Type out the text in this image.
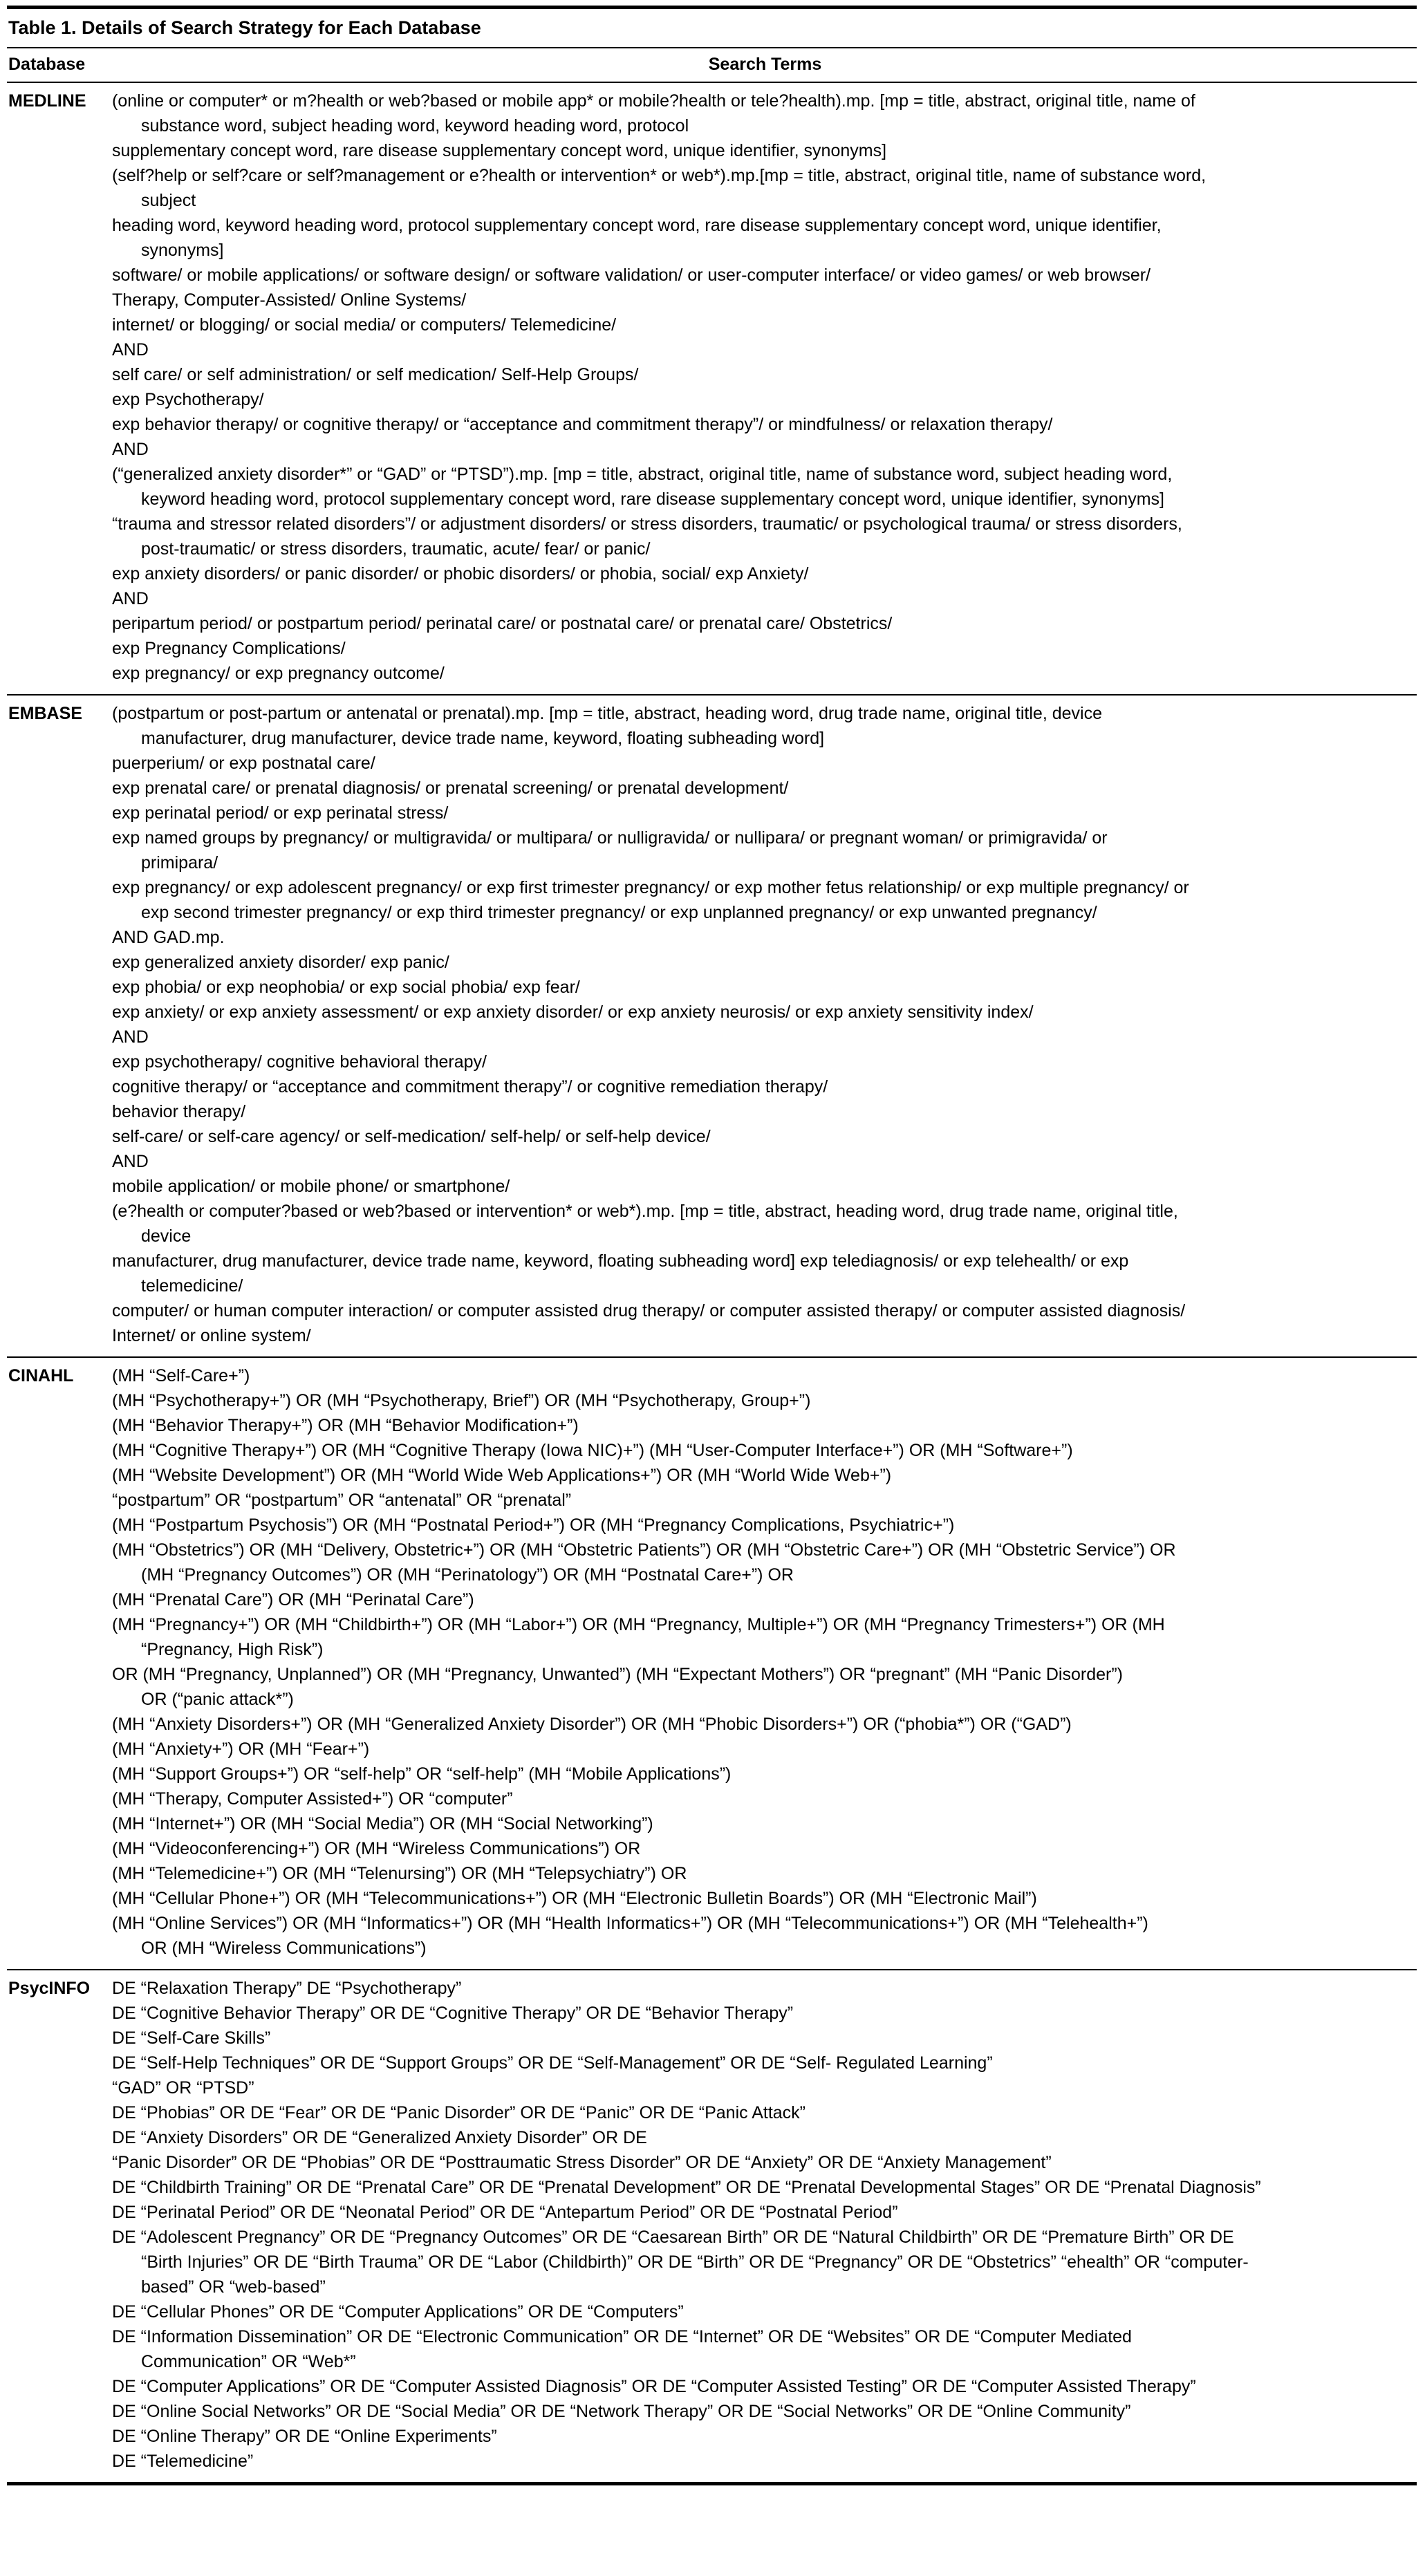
Table 1. Details of Search Strategy for Each Database
Database	Search Terms
MEDLINE	(online or computer* or m?health or web?based or mobile app* or mobile?health or tele?health).mp. [mp = title, abstract, original title, name of
substance word, subject heading word, keyword heading word, protocol
supplementary concept word, rare disease supplementary concept word, unique identifier, synonyms]
(self?help or self?care or self?management or e?health or intervention* or web*).mp.[mp = title, abstract, original title, name of substance word,
subject
heading word, keyword heading word, protocol supplementary concept word, rare disease supplementary concept word, unique identifier,
synonyms]
software/ or mobile applications/ or software design/ or software validation/ or user-computer interface/ or video games/ or web browser/
Therapy, Computer-Assisted/ Online Systems/
internet/ or blogging/ or social media/ or computers/ Telemedicine/
AND
self care/ or self administration/ or self medication/ Self-Help Groups/
exp Psychotherapy/
exp behavior therapy/ or cognitive therapy/ or “acceptance and commitment therapy”/ or mindfulness/ or relaxation therapy/
AND
(“generalized anxiety disorder*” or “GAD” or “PTSD”).mp. [mp = title, abstract, original title, name of substance word, subject heading word,
keyword heading word, protocol supplementary concept word, rare disease supplementary concept word, unique identifier, synonyms]
“trauma and stressor related disorders”/ or adjustment disorders/ or stress disorders, traumatic/ or psychological trauma/ or stress disorders,
post-traumatic/ or stress disorders, traumatic, acute/ fear/ or panic/
exp anxiety disorders/ or panic disorder/ or phobic disorders/ or phobia, social/ exp Anxiety/
AND
peripartum period/ or postpartum period/ perinatal care/ or postnatal care/ or prenatal care/ Obstetrics/
exp Pregnancy Complications/
exp pregnancy/ or exp pregnancy outcome/

EMBASE	(postpartum or post-partum or antenatal or prenatal).mp. [mp = title, abstract, heading word, drug trade name, original title, device
manufacturer, drug manufacturer, device trade name, keyword, floating subheading word]
puerperium/ or exp postnatal care/
exp prenatal care/ or prenatal diagnosis/ or prenatal screening/ or prenatal development/
exp perinatal period/ or exp perinatal stress/
exp named groups by pregnancy/ or multigravida/ or multipara/ or nulligravida/ or nullipara/ or pregnant woman/ or primigravida/ or
primipara/
exp pregnancy/ or exp adolescent pregnancy/ or exp first trimester pregnancy/ or exp mother fetus relationship/ or exp multiple pregnancy/ or
exp second trimester pregnancy/ or exp third trimester pregnancy/ or exp unplanned pregnancy/ or exp unwanted pregnancy/
AND GAD.mp.
exp generalized anxiety disorder/ exp panic/
exp phobia/ or exp neophobia/ or exp social phobia/ exp fear/
exp anxiety/ or exp anxiety assessment/ or exp anxiety disorder/ or exp anxiety neurosis/ or exp anxiety sensitivity index/
AND
exp psychotherapy/ cognitive behavioral therapy/
cognitive therapy/ or “acceptance and commitment therapy”/ or cognitive remediation therapy/
behavior therapy/
self-care/ or self-care agency/ or self-medication/ self-help/ or self-help device/
AND
mobile application/ or mobile phone/ or smartphone/
(e?health or computer?based or web?based or intervention* or web*).mp. [mp = title, abstract, heading word, drug trade name, original title,
device
manufacturer, drug manufacturer, device trade name, keyword, floating subheading word] exp telediagnosis/ or exp telehealth/ or exp
telemedicine/
computer/ or human computer interaction/ or computer assisted drug therapy/ or computer assisted therapy/ or computer assisted diagnosis/
Internet/ or online system/

CINAHL	(MH “Self-Care+”)
(MH “Psychotherapy+”) OR (MH “Psychotherapy, Brief”) OR (MH “Psychotherapy, Group+”)
(MH “Behavior Therapy+”) OR (MH “Behavior Modification+”)
(MH “Cognitive Therapy+”) OR (MH “Cognitive Therapy (Iowa NIC)+”) (MH “User-Computer Interface+”) OR (MH “Software+”)
(MH “Website Development”) OR (MH “World Wide Web Applications+”) OR (MH “World Wide Web+”)
“postpartum” OR “postpartum” OR “antenatal” OR “prenatal”
(MH “Postpartum Psychosis”) OR (MH “Postnatal Period+”) OR (MH “Pregnancy Complications, Psychiatric+”)
(MH “Obstetrics”) OR (MH “Delivery, Obstetric+”) OR (MH “Obstetric Patients”) OR (MH “Obstetric Care+”) OR (MH “Obstetric Service”) OR
(MH “Pregnancy Outcomes”) OR (MH “Perinatology”) OR (MH “Postnatal Care+”) OR
(MH “Prenatal Care”) OR (MH “Perinatal Care”)
(MH “Pregnancy+”) OR (MH “Childbirth+”) OR (MH “Labor+”) OR (MH “Pregnancy, Multiple+”) OR (MH “Pregnancy Trimesters+”) OR (MH
“Pregnancy, High Risk”)
OR (MH “Pregnancy, Unplanned”) OR (MH “Pregnancy, Unwanted”) (MH “Expectant Mothers”) OR “pregnant” (MH “Panic Disorder”)
OR (“panic attack*”)
(MH “Anxiety Disorders+”) OR (MH “Generalized Anxiety Disorder”) OR (MH “Phobic Disorders+”) OR (“phobia*”) OR (“GAD”)
(MH “Anxiety+”) OR (MH “Fear+”)
(MH “Support Groups+”) OR “self-help” OR “self-help” (MH “Mobile Applications”)
(MH “Therapy, Computer Assisted+”) OR “computer”
(MH “Internet+”) OR (MH “Social Media”) OR (MH “Social Networking”)
(MH “Videoconferencing+”) OR (MH “Wireless Communications”) OR
(MH “Telemedicine+”) OR (MH “Telenursing”) OR (MH “Telepsychiatry”) OR
(MH “Cellular Phone+”) OR (MH “Telecommunications+”) OR (MH “Electronic Bulletin Boards”) OR (MH “Electronic Mail”)
(MH “Online Services”) OR (MH “Informatics+”) OR (MH “Health Informatics+”) OR (MH “Telecommunications+”) OR (MH “Telehealth+”)
OR (MH “Wireless Communications”)

PsycINFO	DE “Relaxation Therapy” DE “Psychotherapy”
DE “Cognitive Behavior Therapy” OR DE “Cognitive Therapy” OR DE “Behavior Therapy”
DE “Self-Care Skills”
DE “Self-Help Techniques” OR DE “Support Groups” OR DE “Self-Management” OR DE “Self- Regulated Learning”
“GAD” OR “PTSD”
DE “Phobias” OR DE “Fear” OR DE “Panic Disorder” OR DE “Panic” OR DE “Panic Attack”
DE “Anxiety Disorders” OR DE “Generalized Anxiety Disorder” OR DE
“Panic Disorder” OR DE “Phobias” OR DE “Posttraumatic Stress Disorder” OR DE “Anxiety” OR DE “Anxiety Management”
DE “Childbirth Training” OR DE “Prenatal Care” OR DE “Prenatal Development” OR DE “Prenatal Developmental Stages” OR DE “Prenatal Diagnosis”
DE “Perinatal Period” OR DE “Neonatal Period” OR DE “Antepartum Period” OR DE “Postnatal Period”
DE “Adolescent Pregnancy” OR DE “Pregnancy Outcomes” OR DE “Caesarean Birth” OR DE “Natural Childbirth” OR DE “Premature Birth” OR DE
“Birth Injuries” OR DE “Birth Trauma” OR DE “Labor (Childbirth)” OR DE “Birth” OR DE “Pregnancy” OR DE “Obstetrics” “ehealth” OR “computer-
based” OR “web-based”
DE “Cellular Phones” OR DE “Computer Applications” OR DE “Computers”
DE “Information Dissemination” OR DE “Electronic Communication” OR DE “Internet” OR DE “Websites” OR DE “Computer Mediated
Communication” OR “Web*”
DE “Computer Applications” OR DE “Computer Assisted Diagnosis” OR DE “Computer Assisted Testing” OR DE “Computer Assisted Therapy”
DE “Online Social Networks” OR DE “Social Media” OR DE “Network Therapy” OR DE “Social Networks” OR DE “Online Community”
DE “Online Therapy” OR DE “Online Experiments”
DE “Telemedicine”
